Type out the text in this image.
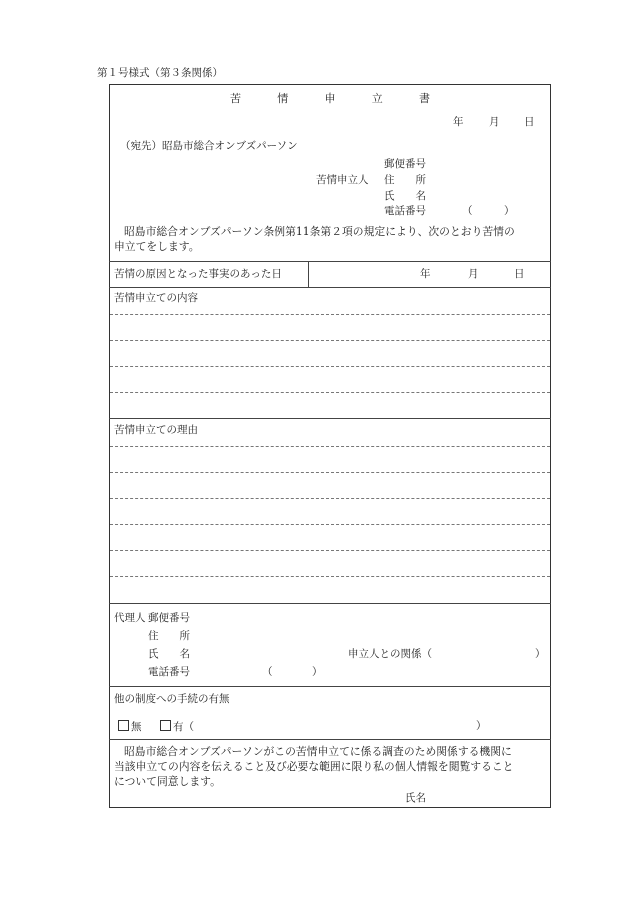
第１号様式（第３条関係）
苦	情	申	立	書
年 月 日
（宛先）昭島市総合オンブズパーソン
郵便番号
苦情申立人 住　　所
氏　　名
電話番号	（　　　）
昭島市総合オンブズパーソン条例第11条第２項の規定により、次のとおり苦情の
申立てをします。
苦情の原因となった事実のあった日	年	月	日
苦情申立ての内容
苦情申立ての理由
代理人 郵便番号
住　　所
氏　　名	申立人との関係（	）
電話番号	（	）
他の制度への手続の有無
無	有（	）
昭島市総合オンブズパーソンがこの苦情申立てに係る調査のため関係する機関に
当該申立ての内容を伝えること及び必要な範囲に限り私の個人情報を閲覧すること
について同意します。
氏名
